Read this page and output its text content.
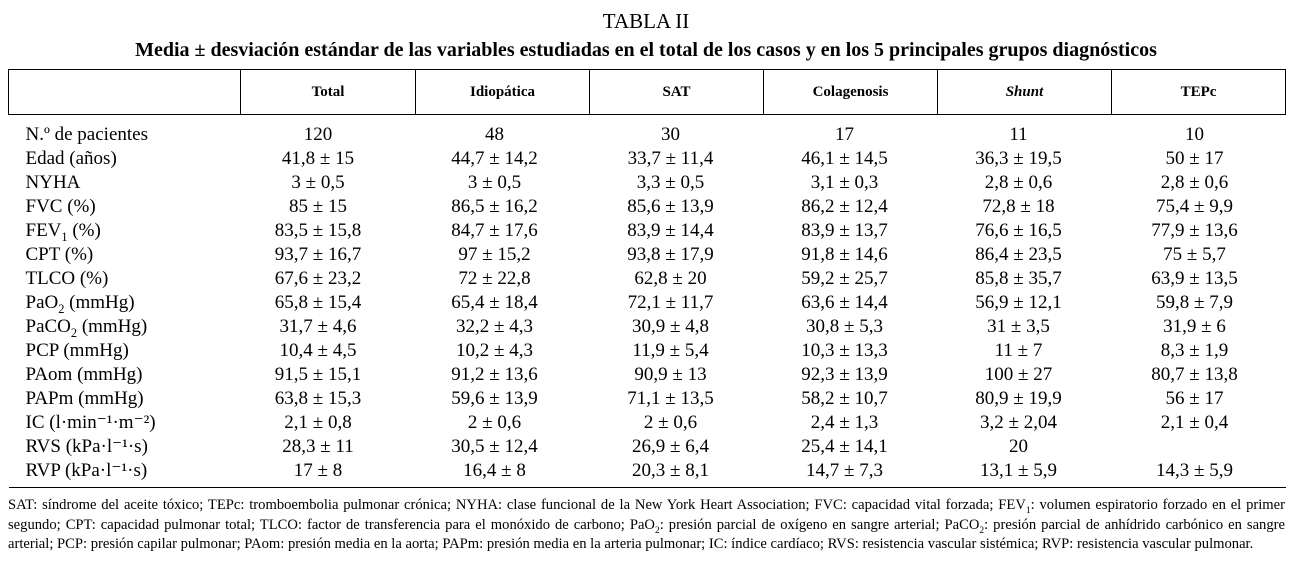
TABLA II
Media ± desviación estándar de las variables estudiadas en el total de los casos y en los 5 principales grupos diagnósticos
	Total	Idiopática	SAT	Colagenosis	Shunt	TEPc
N.º de pacientes	120	48	30	17	11	10
Edad (años)	41,8 ± 15	44,7 ± 14,2	33,7 ± 11,4	46,1 ± 14,5	36,3 ± 19,5	50 ± 17
NYHA	3 ± 0,5	3 ± 0,5	3,3 ± 0,5	3,1 ± 0,3	2,8 ± 0,6	2,8 ± 0,6
FVC (%)	85 ± 15	86,5 ± 16,2	85,6 ± 13,9	86,2 ± 12,4	72,8 ± 18	75,4 ± 9,9
$FEV_1$ (%)	83,5 ± 15,8	84,7 ± 17,6	83,9 ± 14,4	83,9 ± 13,7	76,6 ± 16,5	77,9 ± 13,6
CPT (%)	93,7 ± 16,7	97 ± 15,2	93,8 ± 17,9	91,8 ± 14,6	86,4 ± 23,5	75 ± 5,7
TLCO (%)	67,6 ± 23,2	72 ± 22,8	62,8 ± 20	59,2 ± 25,7	85,8 ± 35,7	63,9 ± 13,5
PaO$_2$ (mmHg)	65,8 ± 15,4	65,4 ± 18,4	72,1 ± 11,7	63,6 ± 14,4	56,9 ± 12,1	59,8 ± 7,9
PaCO$_2$ (mmHg)	31,7 ± 4,6	32,2 ± 4,3	30,9 ± 4,8	30,8 ± 5,3	31 ± 3,5	31,9 ± 6
PCP (mmHg)	10,4 ± 4,5	10,2 ± 4,3	11,9 ± 5,4	10,3 ± 13,3	11 ± 7	8,3 ± 1,9
PAom (mmHg)	91,5 ± 15,1	91,2 ± 13,6	90,9 ± 13	92,3 ± 13,9	100 ± 27	80,7 ± 13,8
PAPm (mmHg)	63,8 ± 15,3	59,6 ± 13,9	71,1 ± 13,5	58,2 ± 10,7	80,9 ± 19,9	56 ± 17
IC (l·min⁻¹·m⁻²)	2,1 ± 0,8	2 ± 0,6	2 ± 0,6	2,4 ± 1,3	3,2 ± 2,04	2,1 ± 0,4
RVS (kPa·l⁻¹·s)	28,3 ± 11	30,5 ± 12,4	26,9 ± 6,4	25,4 ± 14,1	20	
RVP (kPa·l⁻¹·s)	17 ± 8	16,4 ± 8	20,3 ± 8,1	14,7 ± 7,3	13,1 ± 5,9	14,3 ± 5,9
SAT: síndrome del aceite tóxico; TEPc: tromboembolia pulmonar crónica; NYHA: clase funcional de la New York Heart Association; FVC: capacidad vital forzada; $FEV_1$: volumen espiratorio forzado en el primer segundo; CPT: capacidad pulmonar total; TLCO: factor de transferencia para el monóxido de carbono; PaO$_2$: presión parcial de oxígeno en sangre arterial; PaCO$_2$: presión parcial de anhídrido carbónico en sangre arterial; PCP: presión capilar pulmonar; PAom: presión media en la aorta; PAPm: presión media en la arteria pulmonar; IC: índice cardíaco; RVS: resistencia vascular sistémica; RVP: resistencia vascular pulmonar.
